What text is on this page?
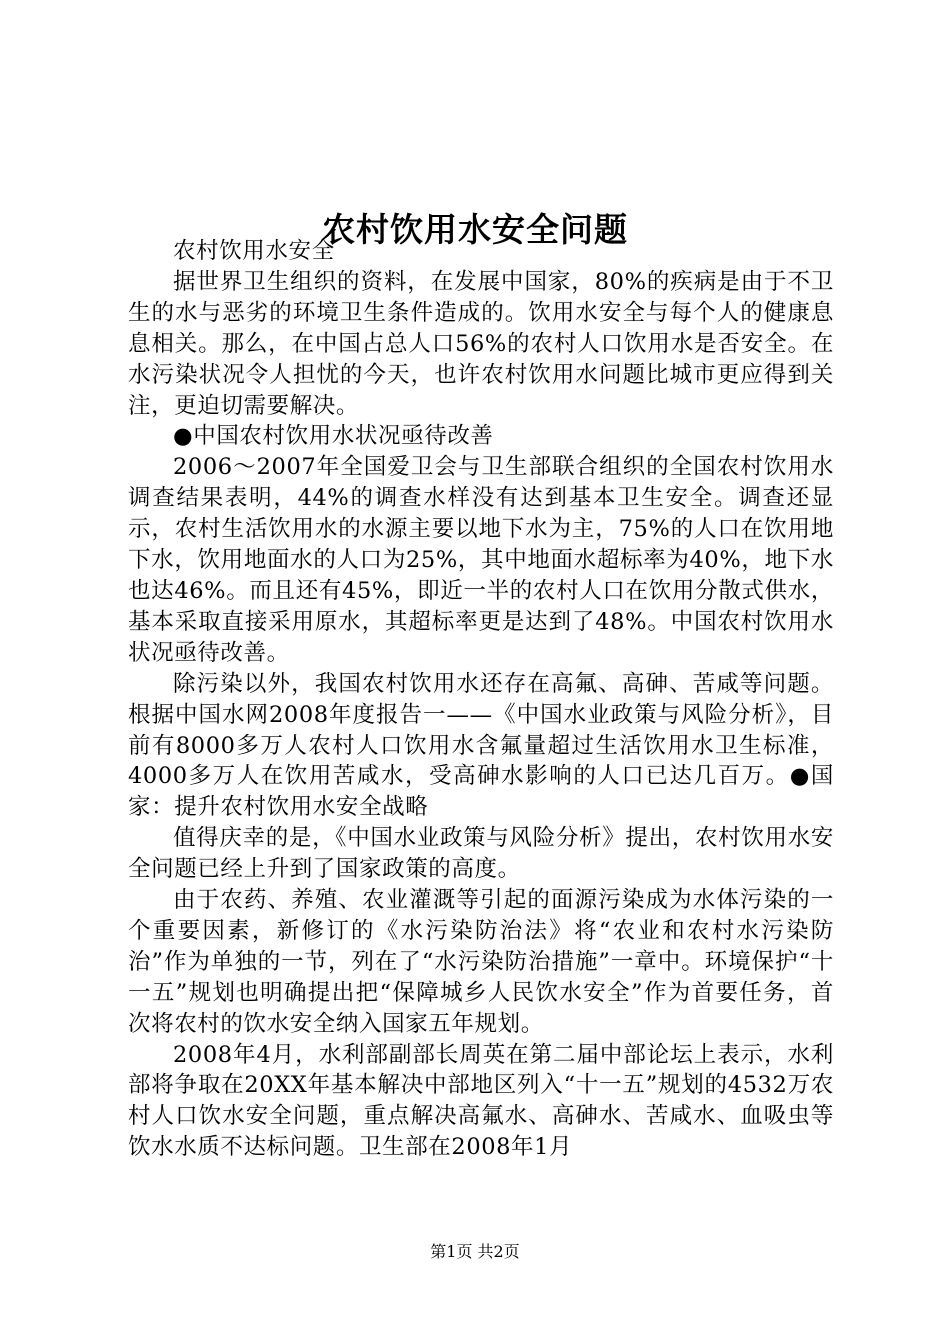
农村饮用水安全问题

农村饮用水安全

据世界卫生组织的资料，在发展中国家，80%的疾病是由于不卫生的水与恶劣的环境卫生条件造成的。饮用水安全与每个人的健康息息相关。那么，在中国占总人口56%的农村人口饮用水是否安全。在水污染状况令人担忧的今天，也许农村饮用水问题比城市更应得到关注，更迫切需要解决。

●中国农村饮用水状况亟待改善

2006～2007年全国爱卫会与卫生部联合组织的全国农村饮用水调查结果表明，44%的调查水样没有达到基本卫生安全。调查还显示，农村生活饮用水的水源主要以地下水为主，75%的人口在饮用地下水，饮用地面水的人口为25%，其中地面水超标率为40%，地下水也达46%。而且还有45%，即近一半的农村人口在饮用分散式供水，基本采取直接采用原水，其超标率更是达到了48%。中国农村饮用水状况亟待改善。

除污染以外，我国农村饮用水还存在高氟、高砷、苦咸等问题。根据中国水网2008年度报告一——《中国水业政策与风险分析》，目前有8000多万人农村人口饮用水含氟量超过生活饮用水卫生标准，4000多万人在饮用苦咸水，受高砷水影响的人口已达几百万。●国家：提升农村饮用水安全战略

值得庆幸的是，《中国水业政策与风险分析》提出，农村饮用水安全问题已经上升到了国家政策的高度。

由于农药、养殖、农业灌溉等引起的面源污染成为水体污染的一个重要因素，新修订的《水污染防治法》将“农业和农村水污染防治”作为单独的一节，列在了“水污染防治措施”一章中。环境保护“十一五”规划也明确提出把“保障城乡人民饮水安全”作为首要任务，首次将农村的饮水安全纳入国家五年规划。

2008年4月，水利部副部长周英在第二届中部论坛上表示，水利部将争取在20XX年基本解决中部地区列入“十一五”规划的4532万农村人口饮水安全问题，重点解决高氟水、高砷水、苦咸水、血吸虫等饮水水质不达标问题。卫生部在2008年1月

第1页 共2页
